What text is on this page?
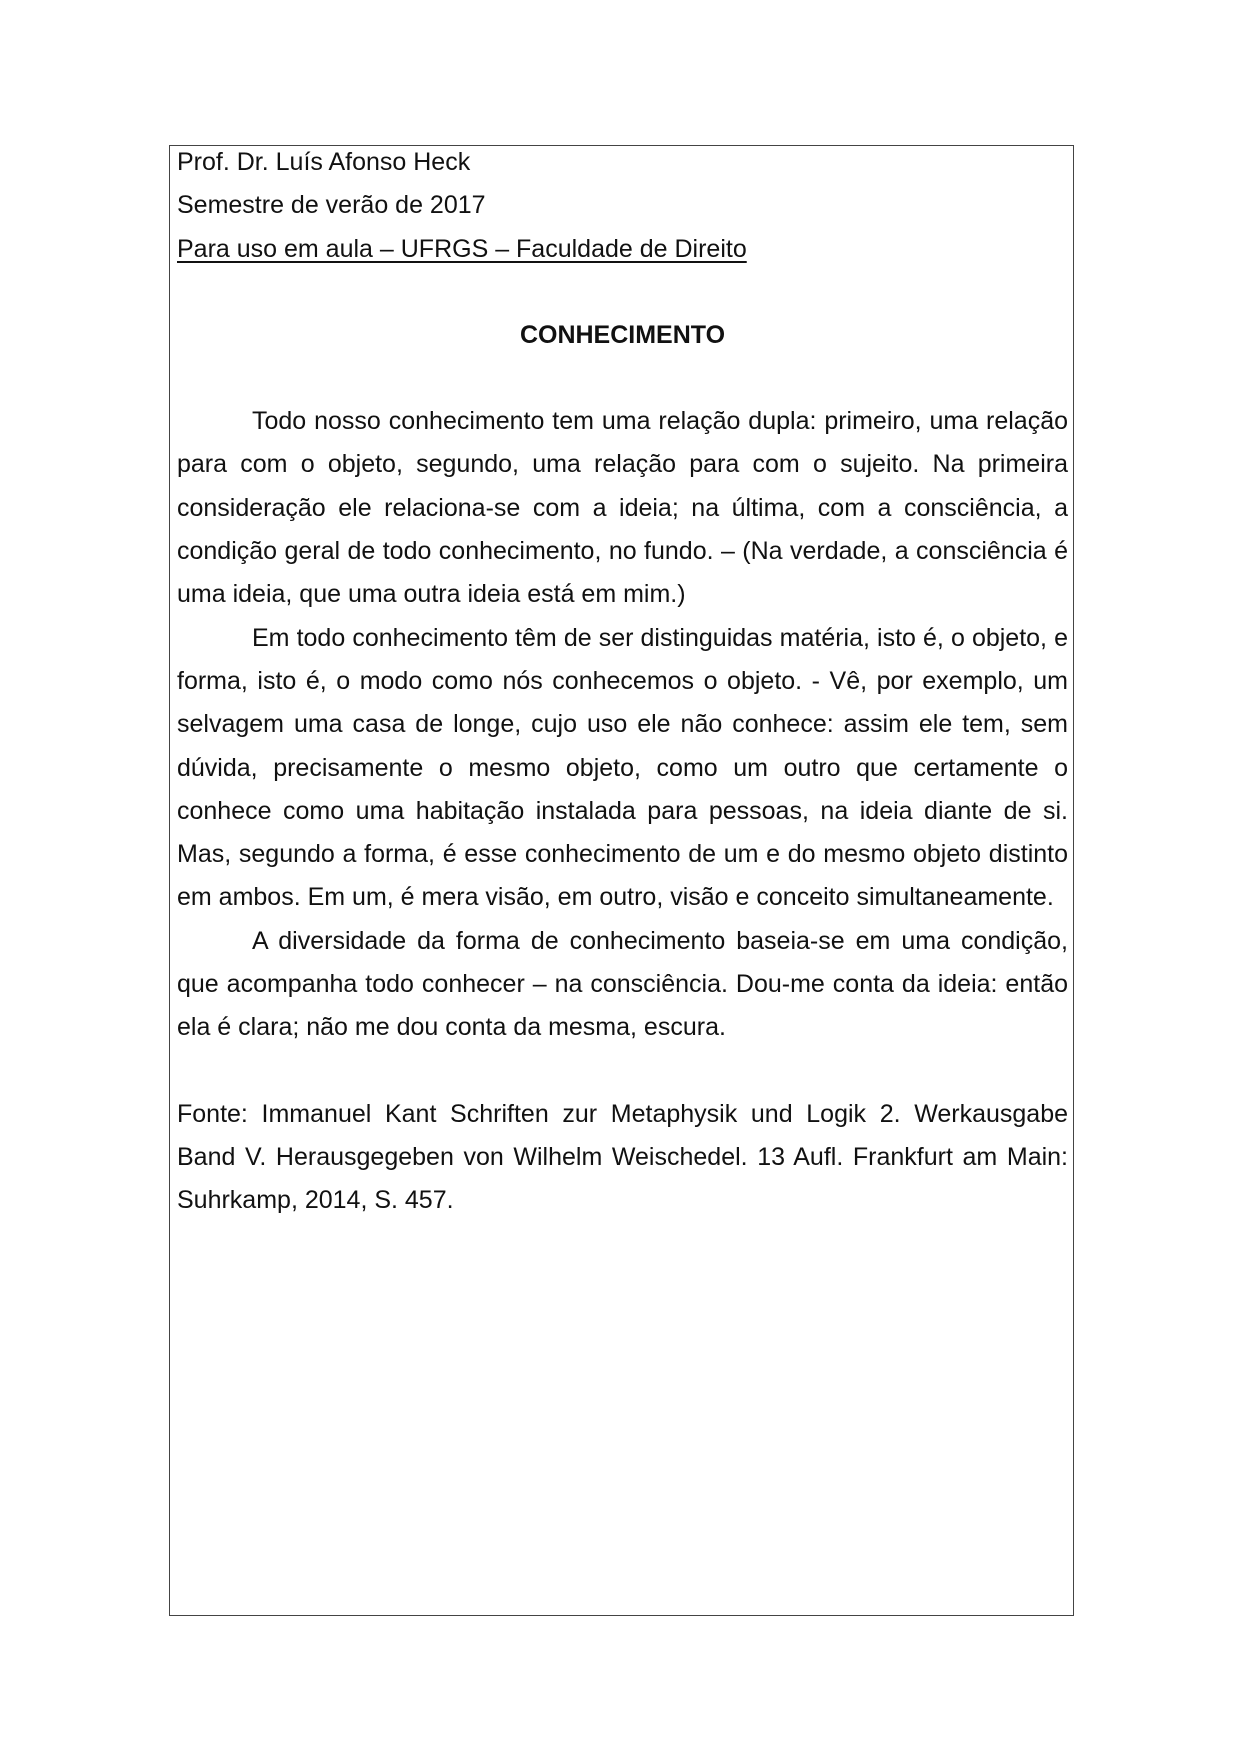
Prof. Dr. Luís Afonso Heck

Semestre de verão de 2017

Para uso em aula – UFRGS – Faculdade de Direito

CONHECIMENTO

Todo nosso conhecimento tem uma relação dupla: primeiro, uma relação para com o objeto, segundo, uma relação para com o sujeito. Na primeira consideração ele relaciona-se com a ideia; na última, com a consciência, a condição geral de todo conhecimento, no fundo. – (Na verdade, a consciência é uma ideia, que uma outra ideia está em mim.)

Em todo conhecimento têm de ser distinguidas matéria, isto é, o objeto, e forma, isto é, o modo como nós conhecemos o objeto. - Vê, por exemplo, um selvagem uma casa de longe, cujo uso ele não conhece: assim ele tem, sem dúvida, precisamente o mesmo objeto, como um outro que certamente o conhece como uma habitação instalada para pessoas, na ideia diante de si. Mas, segundo a forma, é esse conhecimento de um e do mesmo objeto distinto em ambos. Em um, é mera visão, em outro, visão e conceito simultaneamente.

A diversidade da forma de conhecimento baseia-se em uma condição, que acompanha todo conhecer – na consciência. Dou-me conta da ideia: então ela é clara; não me dou conta da mesma, escura.

Fonte: Immanuel Kant Schriften zur Metaphysik und Logik 2. Werkausgabe Band V. Herausgegeben von Wilhelm Weischedel. 13 Aufl. Frankfurt am Main: Suhrkamp, 2014, S. 457.
